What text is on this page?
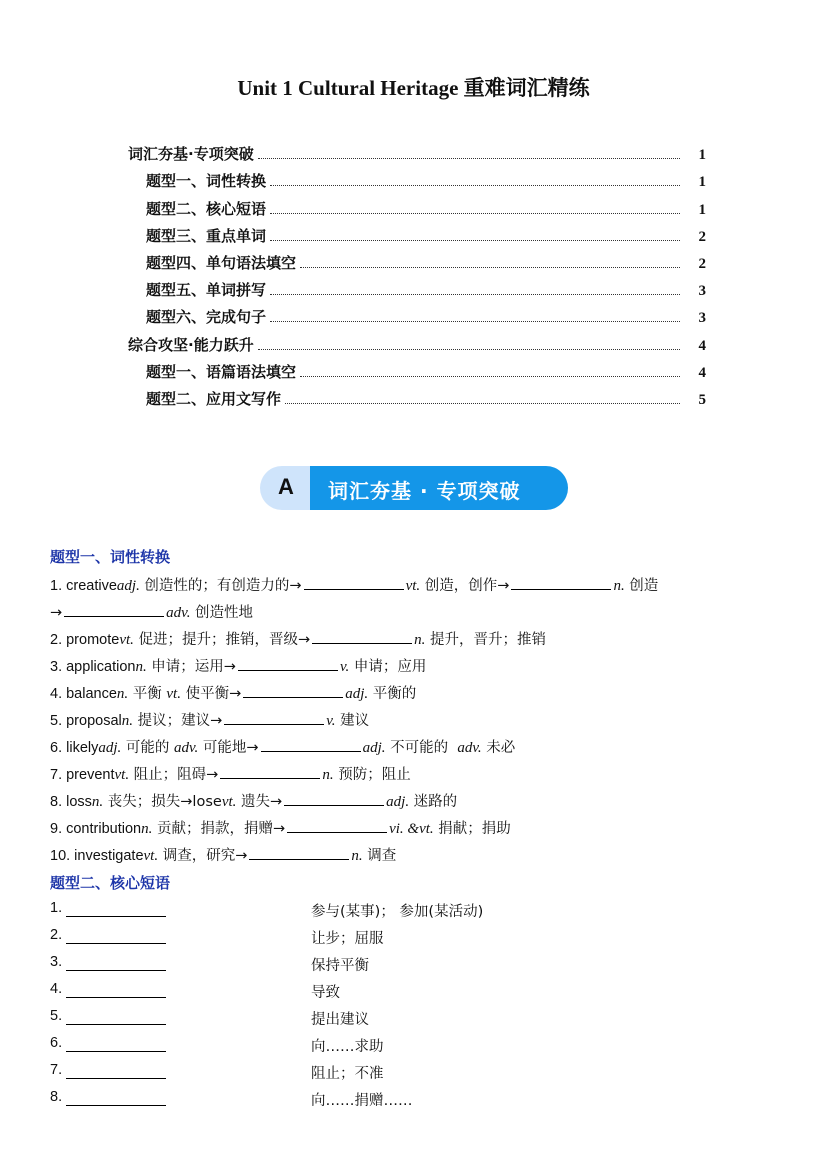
Unit 1 Cultural Heritage 重难词汇精练
词汇夯基·专项突破	1
题型一、词性转换	1
题型二、核心短语	1
题型三、重点单词	2
题型四、单句语法填空	2
题型五、单词拼写	3
题型六、完成句子	3
综合攻坚·能力跃升	4
题型一、语篇语法填空	4
题型二、应用文写作	5
A 词汇夯基 · 专项突破
题型一、词性转换
1. creativeadj. 创造性的；有创造力的→	vt. 创造，创作→	n. 创造
→	adv. 创造性地
2. promotevt. 促进；提升；推销，晋级→	n. 提升，晋升；推销
3. applicationn. 申请；运用→	v. 申请；应用
4. balancen. 平衡 vt. 使平衡→	adj. 平衡的
5. proposaln. 提议；建议→	v. 建议
6. likelyadj. 可能的 adv. 可能地→	adj. 不可能的 adv. 未必
7. preventvt. 阻止；阻碍→	n. 预防；阻止
8. lossn. 丧失；损失→losevt. 遗失→	adj. 迷路的
9. contributionn. 贡献；捐款，捐赠→	vi. &vt. 捐献；捐助
10. investigatevt. 调查，研究→	n. 调查
题型二、核心短语
1.	参与(某事)； 参加(某活动)
2.	让步；屈服
3.	保持平衡
4.	导致
5.	提出建议
6.	向……求助
7.	阻止；不准
8.	向……捐赠……
